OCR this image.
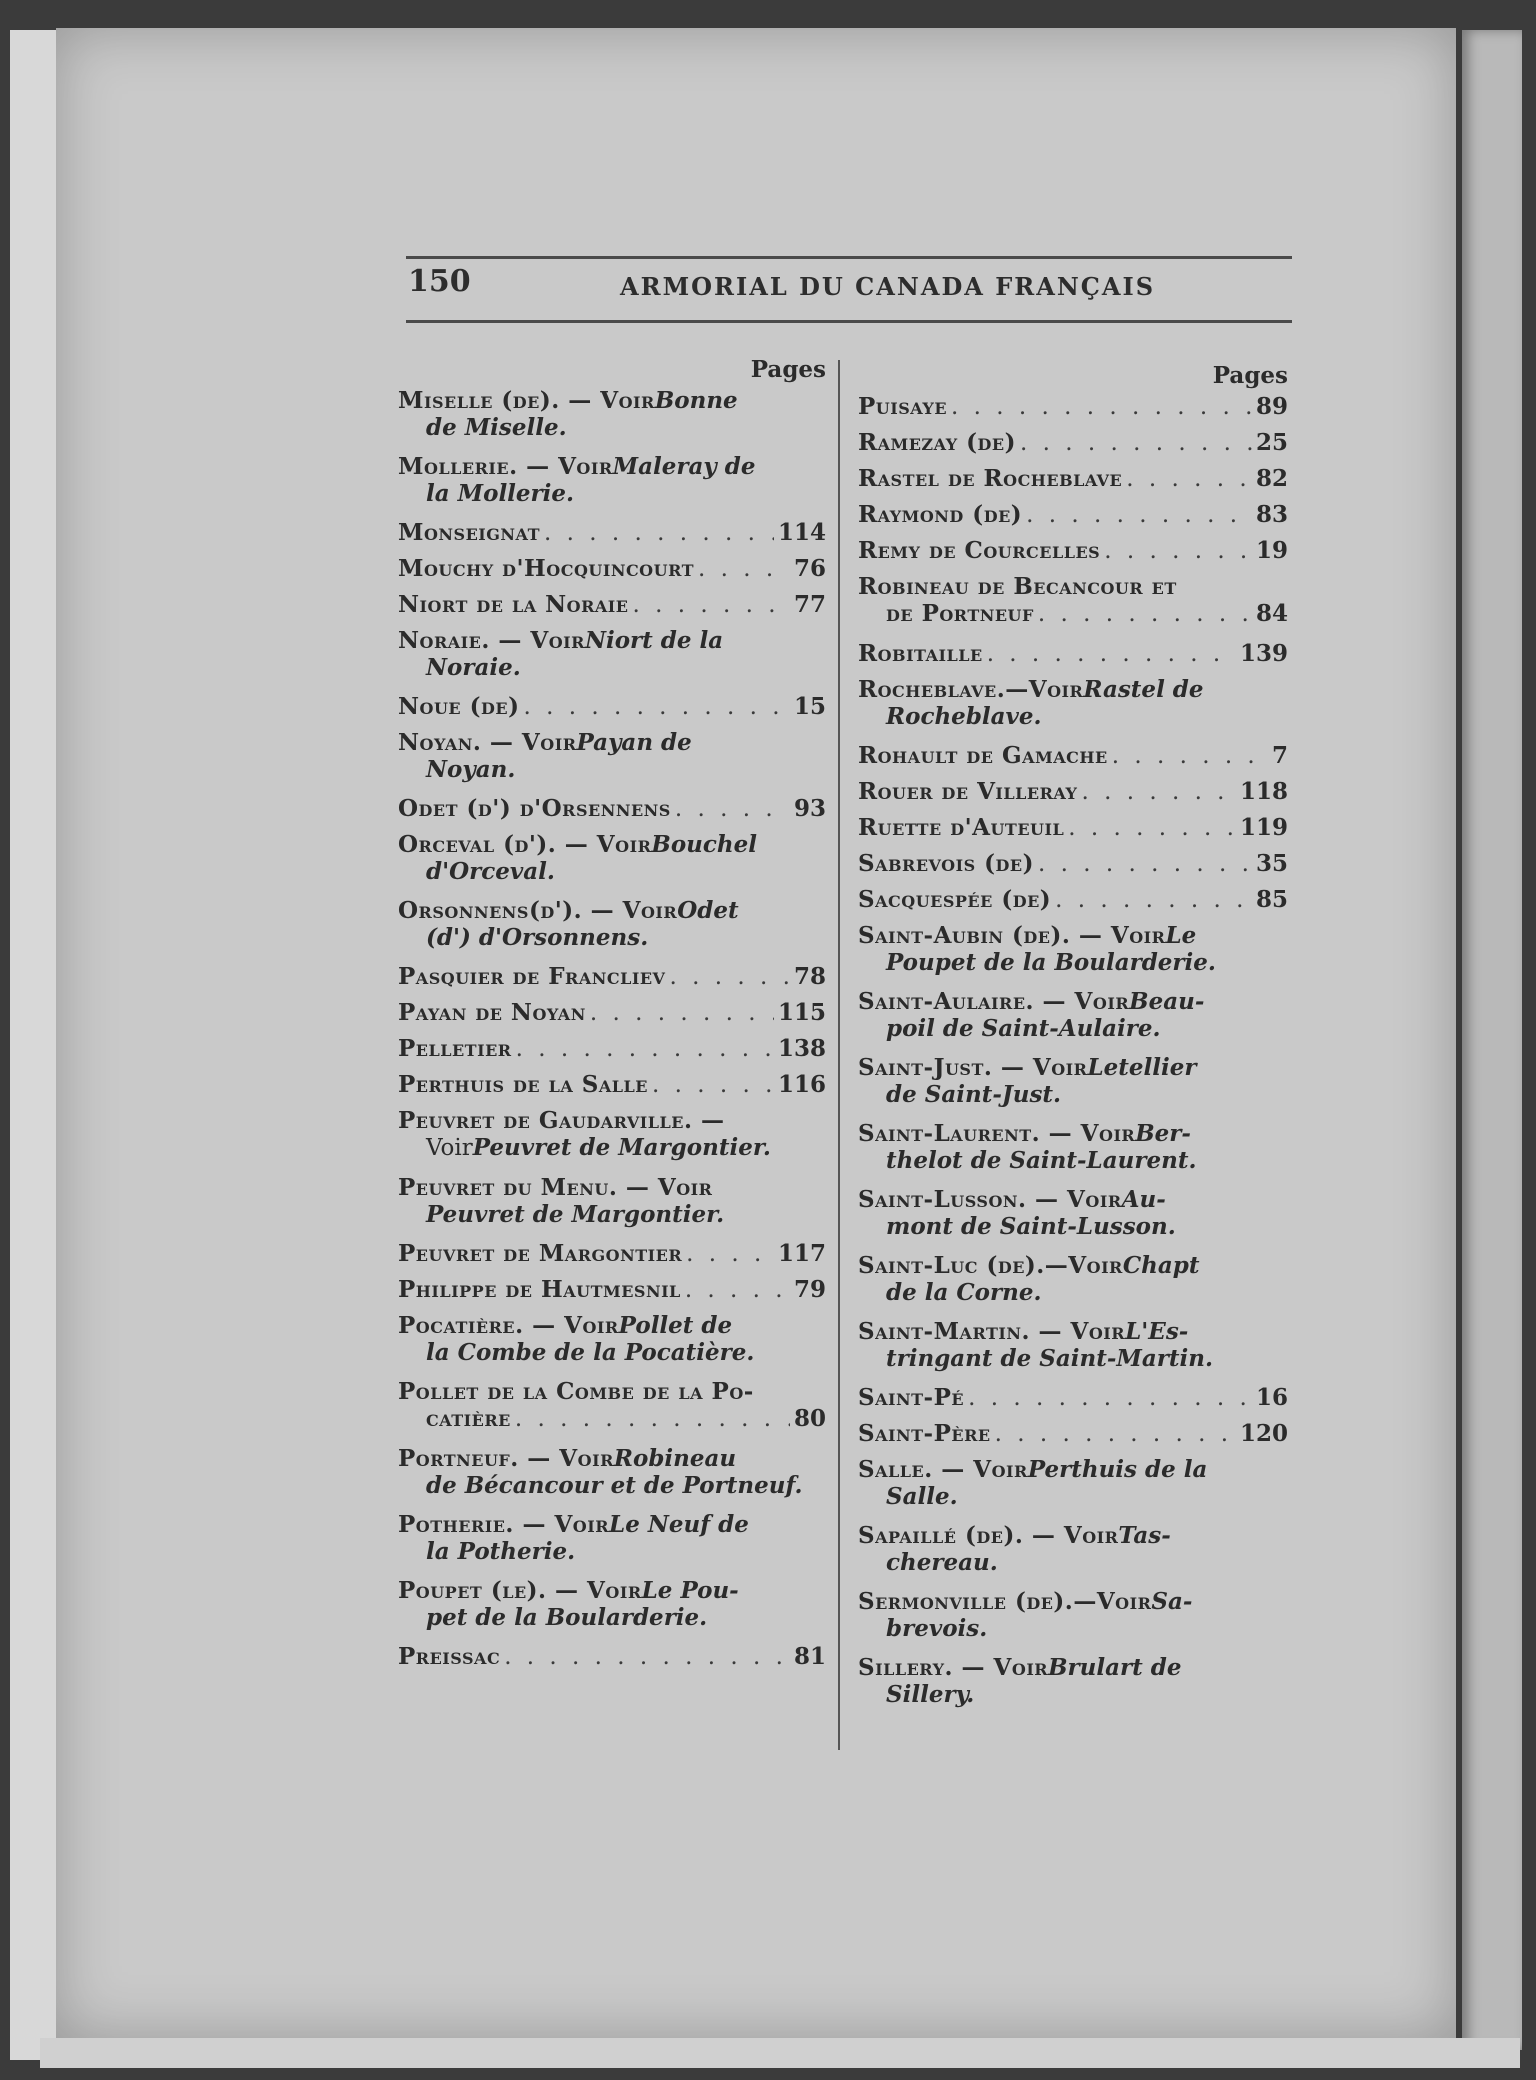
150	ARMORIAL DU CANADA FRANÇAIS
Pages
Miselle (de). — Voir Bonne
de Miselle.
Mollerie. — Voir Maleray de
la Mollerie.
Monseignat . . .	114
Mouchy d'Hocquincourt . . .	76
Niort de la Noraie . . .	77
Noraie. — Voir Niort de la
Noraie.
Noue (de) . . .	15
Noyan. — Voir Payan de
Noyan.
Odet (d') d'Orsennens . . .	93
Orceval (d'). — Voir Bouchel
d'Orceval.
Orsonnens(d'). — Voir Odet
(d') d'Orsonnens.
Pasquier de Francliev . . .	78
Payan de Noyan . . .	115
Pelletier . . .	138
Perthuis de la Salle . . .	116
Peuvret de Gaudarville. —
Voir Peuvret de Margontier.
Peuvret du Menu. — Voir
Peuvret de Margontier.
Peuvret de Margontier . . .	117
Philippe de Hautmesnil . . .	79
Pocatière. — Voir Pollet de
la Combe de la Pocatière.
Pollet de la Combe de la Po-
catière . . .	80
Portneuf. — Voir Robineau
de Bécancour et de Portneuf.
Potherie. — Voir Le Neuf de
la Potherie.
Poupet (le). — Voir Le Pou-
pet de la Boularderie.
Preissac . . .	81
Pages
Puisaye . . .	89
Ramezay (de) . . .	25
Rastel de Rocheblave . . .	82
Raymond (de) . . .	83
Remy de Courcelles . . .	19
Robineau de Becancour et
de Portneuf . . .	84
Robitaille . . .	139
Rocheblave.—Voir Rastel de
Rocheblave.
Rohault de Gamache . . .	7
Rouer de Villeray . . .	118
Ruette d'Auteuil . . .	119
Sabrevois (de) . . .	35
Sacquespée (de) . . .	85
Saint-Aubin (de). — Voir Le
Poupet de la Boularderie.
Saint-Aulaire. — Voir Beau-
poil de Saint-Aulaire.
Saint-Just. — Voir Letellier
de Saint-Just.
Saint-Laurent. — Voir Ber-
thelot de Saint-Laurent.
Saint-Lusson. — Voir Au-
mont de Saint-Lusson.
Saint-Luc (de).—Voir Chapt
de la Corne.
Saint-Martin. — Voir L'Es-
tringant de Saint-Martin.
Saint-Pé . . .	16
Saint-Père . . .	120
Salle. — Voir Perthuis de la
Salle.
Sapaillé (de). — Voir Tas-
chereau.
Sermonville (de).—Voir Sa-
brevois.
Sillery. — Voir Brulart de
Sillery.
